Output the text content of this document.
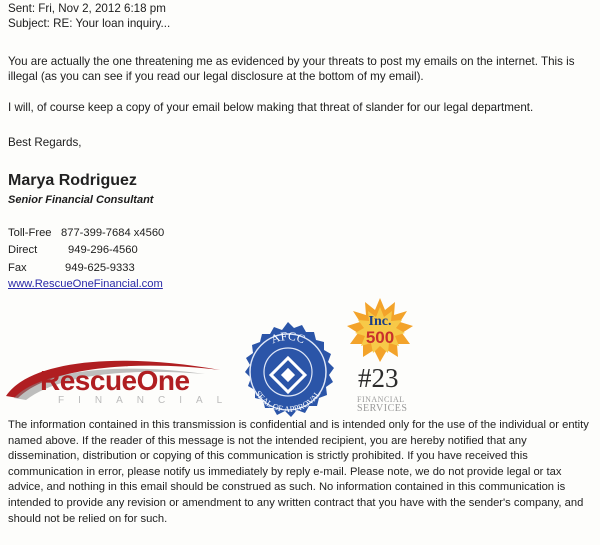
Sent: Fri, Nov 2, 2012 6:18 pm
Subject: RE: Your loan inquiry...
You are actually the one threatening me as evidenced by your threats to post my emails on the internet. This is illegal (as you can see if you read our legal disclosure at the bottom of my email).
I will, of course keep a copy of your email below making that threat of slander for our legal department.
Best Regards,
Marya Rodriguez
Senior Financial Consultant
Toll-Free 877-399-7684 x4560
Direct	949-296-4560
Fax	949-625-9333
www.RescueOneFinancial.com
RescueOne
FINANCIAL
AFCC
SEAL OF APPROVAL
Inc.
500
#23
FINANCIAL
SERVICES
The information contained in this transmission is confidential and is intended only for the use of the individual or entity named above. If the reader of this message is not the intended recipient, you are hereby notified that any dissemination, distribution or copying of this communication is strictly prohibited. If you have received this communication in error, please notify us immediately by reply e-mail. Please note, we do not provide legal or tax advice, and nothing in this email should be construed as such. No information contained in this communication is intended to provide any revision or amendment to any written contract that you have with the sender's company, and should not be relied on for such.
